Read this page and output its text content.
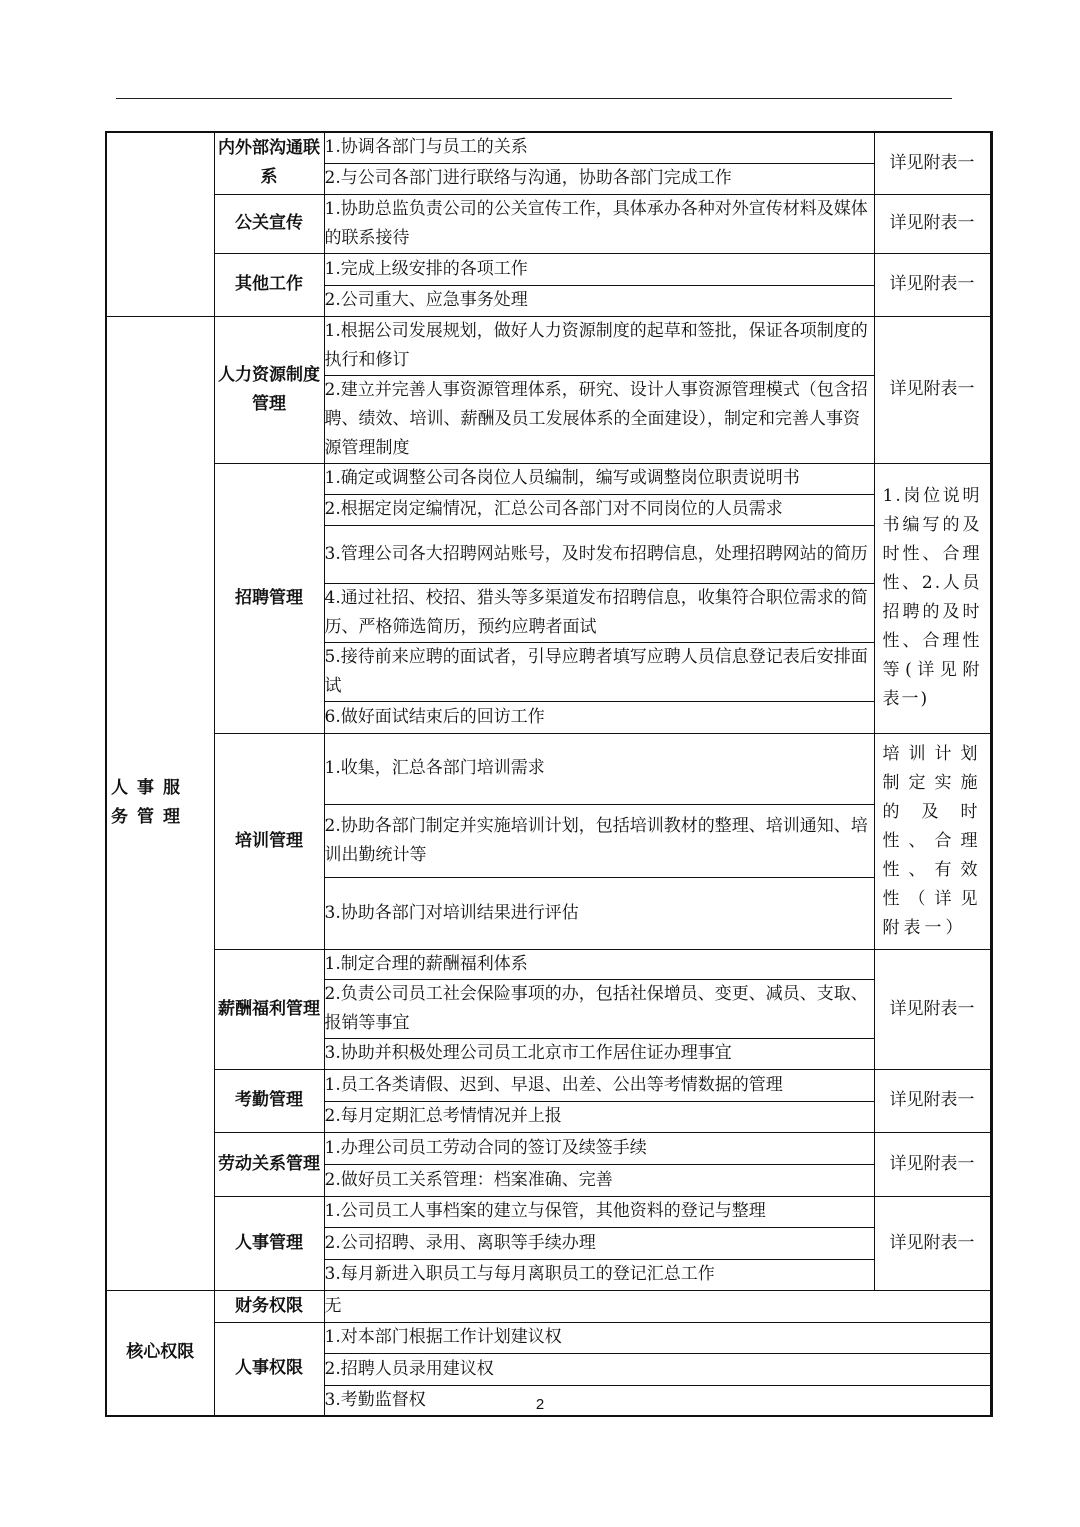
	内外部沟通联系	1.协调各部门与员工的关系	详见附表一
		2.与公司各部门进行联络与沟通，协助各部门完成工作	
	公关宣传	1.协助总监负责公司的公关宣传工作，具体承办各种对外宣传材料及媒体的联系接待	详见附表一
	其他工作	1.完成上级安排的各项工作	详见附表一
		2.公司重大、应急事务处理	

人事服务管理	人力资源制度管理	1.根据公司发展规划，做好人力资源制度的起草和签批，保证各项制度的执行和修订	详见附表一
		2.建立并完善人事资源管理体系，研究、设计人事资源管理模式（包含招聘、绩效、培训、薪酬及员工发展体系的全面建设），制定和完善人事资源管理制度	
	招聘管理	1.确定或调整公司各岗位人员编制，编写或调整岗位职责说明书	1.岗位说明书编写的及时性、合理性、2.人员招聘的及时性、合理性等(详见附表一)
		2.根据定岗定编情况，汇总公司各部门对不同岗位的人员需求	
		3.管理公司各大招聘网站账号，及时发布招聘信息，处理招聘网站的简历	
		4.通过社招、校招、猎头等多渠道发布招聘信息，收集符合职位需求的简历、严格筛选简历，预约应聘者面试	
		5.接待前来应聘的面试者，引导应聘者填写应聘人员信息登记表后安排面试	
		6.做好面试结束后的回访工作	
	培训管理	1.收集，汇总各部门培训需求	培训计划制定实施的及时性、合理性、有效性（详见附表一）
		2.协助各部门制定并实施培训计划，包括培训教材的整理、培训通知、培训出勤统计等	
		3.协助各部门对培训结果进行评估	
	薪酬福利管理	1.制定合理的薪酬福利体系	详见附表一
		2.负责公司员工社会保险事项的办，包括社保增员、变更、减员、支取、报销等事宜	
		3.协助并积极处理公司员工北京市工作居住证办理事宜	
	考勤管理	1.员工各类请假、迟到、早退、出差、公出等考情数据的管理	详见附表一
		2.每月定期汇总考情情况并上报	
	劳动关系管理	1.办理公司员工劳动合同的签订及续签手续	详见附表一
		2.做好员工关系管理：档案准确、完善	
	人事管理	1.公司员工人事档案的建立与保管，其他资料的登记与整理	详见附表一
		2.公司招聘、录用、离职等手续办理	
		3.每月新进入职员工与每月离职员工的登记汇总工作	
核心权限	财务权限	无	
	人事权限	1.对本部门根据工作计划建议权	
		2.招聘人员录用建议权	
		3.考勤监督权		2
